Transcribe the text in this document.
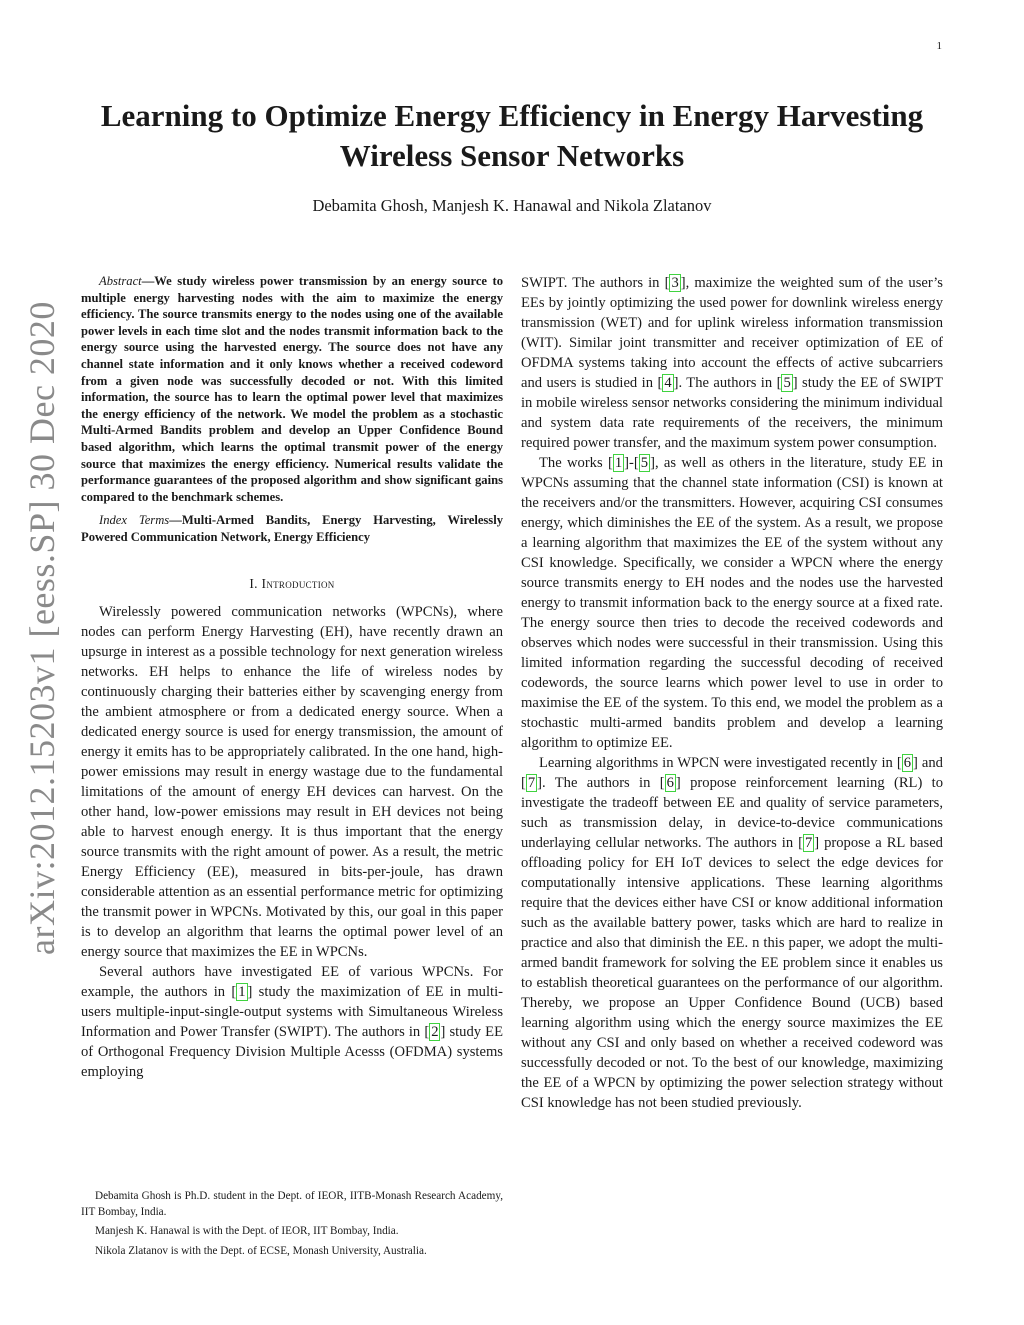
1
arXiv:2012.15203v1 [eess.SP] 30 Dec 2020
Learning to Optimize Energy Efficiency in Energy Harvesting Wireless Sensor Networks
Debamita Ghosh, Manjesh K. Hanawal and Nikola Zlatanov

Abstract—We study wireless power transmission by an energy source to multiple energy harvesting nodes with the aim to maximize the energy efficiency. The source transmits energy to the nodes using one of the available power levels in each time slot and the nodes transmit information back to the energy source using the harvested energy. The source does not have any channel state information and it only knows whether a received codeword from a given node was successfully decoded or not. With this limited information, the source has to learn the optimal power level that maximizes the energy efficiency of the network. We model the problem as a stochastic Multi-Armed Bandits problem and develop an Upper Confidence Bound based algorithm, which learns the optimal transmit power of the energy source that maximizes the energy efficiency. Numerical results validate the performance guarantees of the proposed algorithm and show significant gains compared to the benchmark schemes.

Index Terms—Multi-Armed Bandits, Energy Harvesting, Wirelessly Powered Communication Network, Energy Efficiency

I. Introduction

Wirelessly powered communication networks (WPCNs), where nodes can perform Energy Harvesting (EH), have recently drawn an upsurge in interest as a possible technology for next generation wireless networks. EH helps to enhance the life of wireless nodes by continuously charging their batteries either by scavenging energy from the ambient atmosphere or from a dedicated energy source. When a dedicated energy source is used for energy transmission, the amount of energy it emits has to be appropriately calibrated. In the one hand, high-power emissions may result in energy wastage due to the fundamental limitations of the amount of energy EH devices can harvest. On the other hand, low-power emissions may result in EH devices not being able to harvest enough energy. It is thus important that the energy source transmits with the right amount of power. As a result, the metric Energy Efficiency (EE), measured in bits-per-joule, has drawn considerable attention as an essential performance metric for optimizing the transmit power in WPCNs. Motivated by this, our goal in this paper is to develop an algorithm that learns the optimal power level of an energy source that maximizes the EE in WPCNs.

Several authors have investigated EE of various WPCNs. For example, the authors in [ 1 ] study the maximization of EE in multi-users multiple-input-single-output systems with Simultaneous Wireless Information and Power Transfer (SWIPT). The authors in [ 2 ] study EE of Orthogonal Frequency Division Multiple Acesss (OFDMA) systems employing

Debamita Ghosh is Ph.D. student in the Dept. of IEOR, IITB-Monash Research Academy, IIT Bombay, India.

Manjesh K. Hanawal is with the Dept. of IEOR, IIT Bombay, India.

Nikola Zlatanov is with the Dept. of ECSE, Monash University, Australia.

SWIPT. The authors in [ 3 ], maximize the weighted sum of the user’s EEs by jointly optimizing the used power for downlink wireless energy transmission (WET) and for uplink wireless information transmission (WIT). Similar joint transmitter and receiver optimization of EE of OFDMA systems taking into account the effects of active subcarriers and users is studied in [ 4 ]. The authors in [ 5 ] study the EE of SWIPT in mobile wireless sensor networks considering the minimum individual and system data rate requirements of the receivers, the minimum required power transfer, and the maximum system power consumption.

The works [ 1 ]-[ 5 ], as well as others in the literature, study EE in WPCNs assuming that the channel state information (CSI) is known at the receivers and/or the transmitters. However, acquiring CSI consumes energy, which diminishes the EE of the system. As a result, we propose a learning algorithm that maximizes the EE of the system without any CSI knowledge. Specifically, we consider a WPCN where the energy source transmits energy to EH nodes and the nodes use the harvested energy to transmit information back to the energy source at a fixed rate. The energy source then tries to decode the received codewords and observes which nodes were successful in their transmission. Using this limited information regarding the successful decoding of received codewords, the source learns which power level to use in order to maximise the EE of the system. To this end, we model the problem as a stochastic multi-armed bandits problem and develop a learning algorithm to optimize EE.

Learning algorithms in WPCN were investigated recently in [ 6 ] and [ 7 ]. The authors in [ 6 ] propose reinforcement learning (RL) to investigate the tradeoff between EE and quality of service parameters, such as transmission delay, in device-to-device communications underlaying cellular networks. The authors in [ 7 ] propose a RL based offloading policy for EH IoT devices to select the edge devices for computationally intensive applications. These learning algorithms require that the devices either have CSI or know additional information such as the available battery power, tasks which are hard to realize in practice and also that diminish the EE. n this paper, we adopt the multi-armed bandit framework for solving the EE problem since it enables us to establish theoretical guarantees on the performance of our algorithm. Thereby, we propose an Upper Confidence Bound (UCB) based learning algorithm using which the energy source maximizes the EE without any CSI and only based on whether a received codeword was successfully decoded or not. To the best of our knowledge, maximizing the EE of a WPCN by optimizing the power selection strategy without CSI knowledge has not been studied previously.
